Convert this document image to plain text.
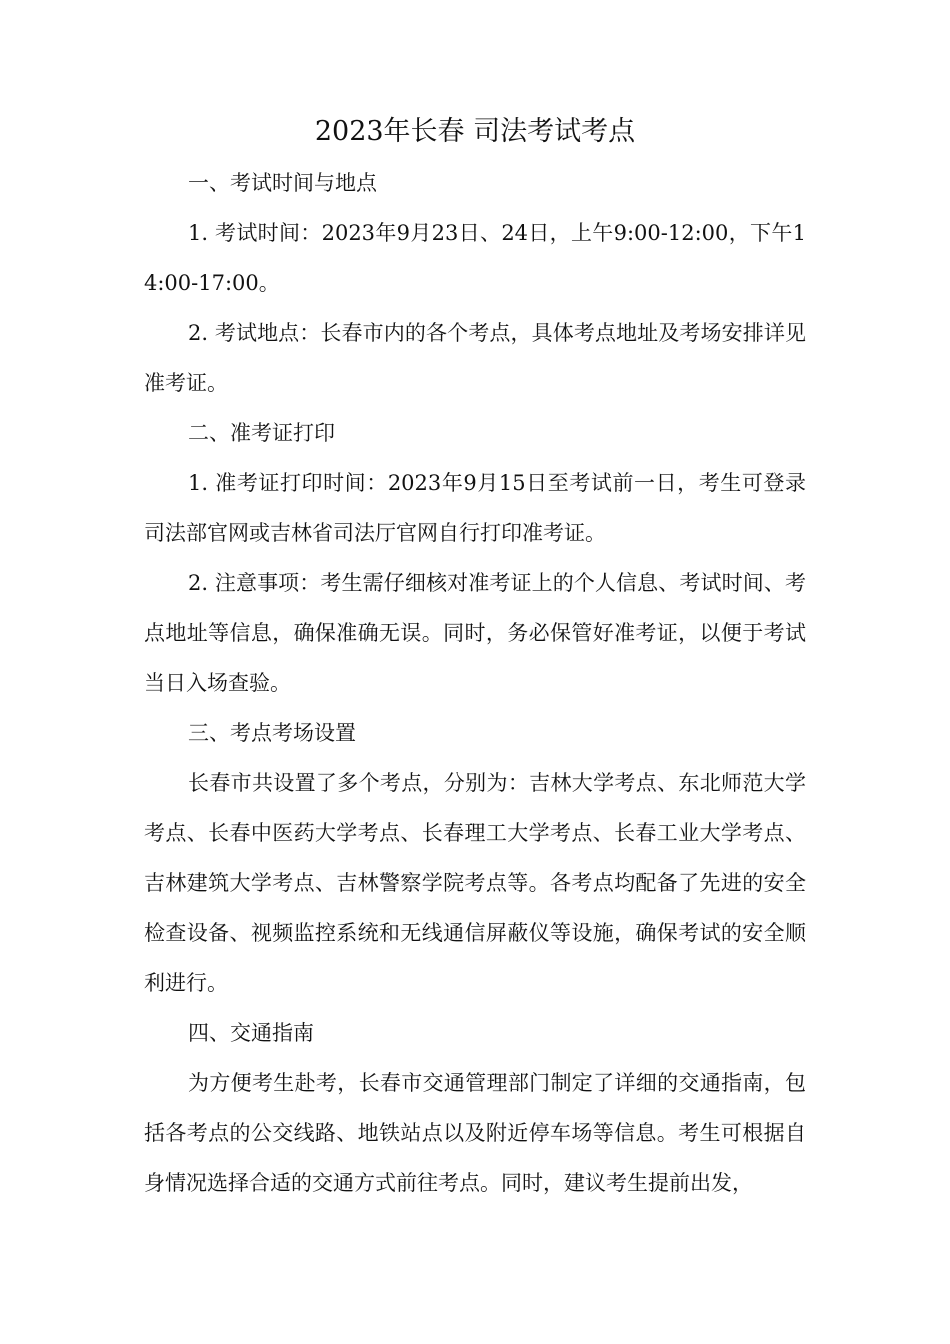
2023年长春 司法考试考点

一、考试时间与地点

1. 考试时间：2023年9月23日、24日，上午9:00-12:00，下午14:00-17:00。

2. 考试地点：长春市内的各个考点，具体考点地址及考场安排详见准考证。

二、准考证打印

1. 准考证打印时间：2023年9月15日至考试前一日，考生可登录司法部官网或吉林省司法厅官网自行打印准考证。

2. 注意事项：考生需仔细核对准考证上的个人信息、考试时间、考点地址等信息，确保准确无误。同时，务必保管好准考证，以便于考试当日入场查验。

三、考点考场设置

长春市共设置了多个考点，分别为：吉林大学考点、东北师范大学考点、长春中医药大学考点、长春理工大学考点、长春工业大学考点、吉林建筑大学考点、吉林警察学院考点等。各考点均配备了先进的安全检查设备、视频监控系统和无线通信屏蔽仪等设施，确保考试的安全顺利进行。

四、交通指南

为方便考生赴考，长春市交通管理部门制定了详细的交通指南，包括各考点的公交线路、地铁站点以及附近停车场等信息。考生可根据自身情况选择合适的交通方式前往考点。同时，建议考生提前出发，
